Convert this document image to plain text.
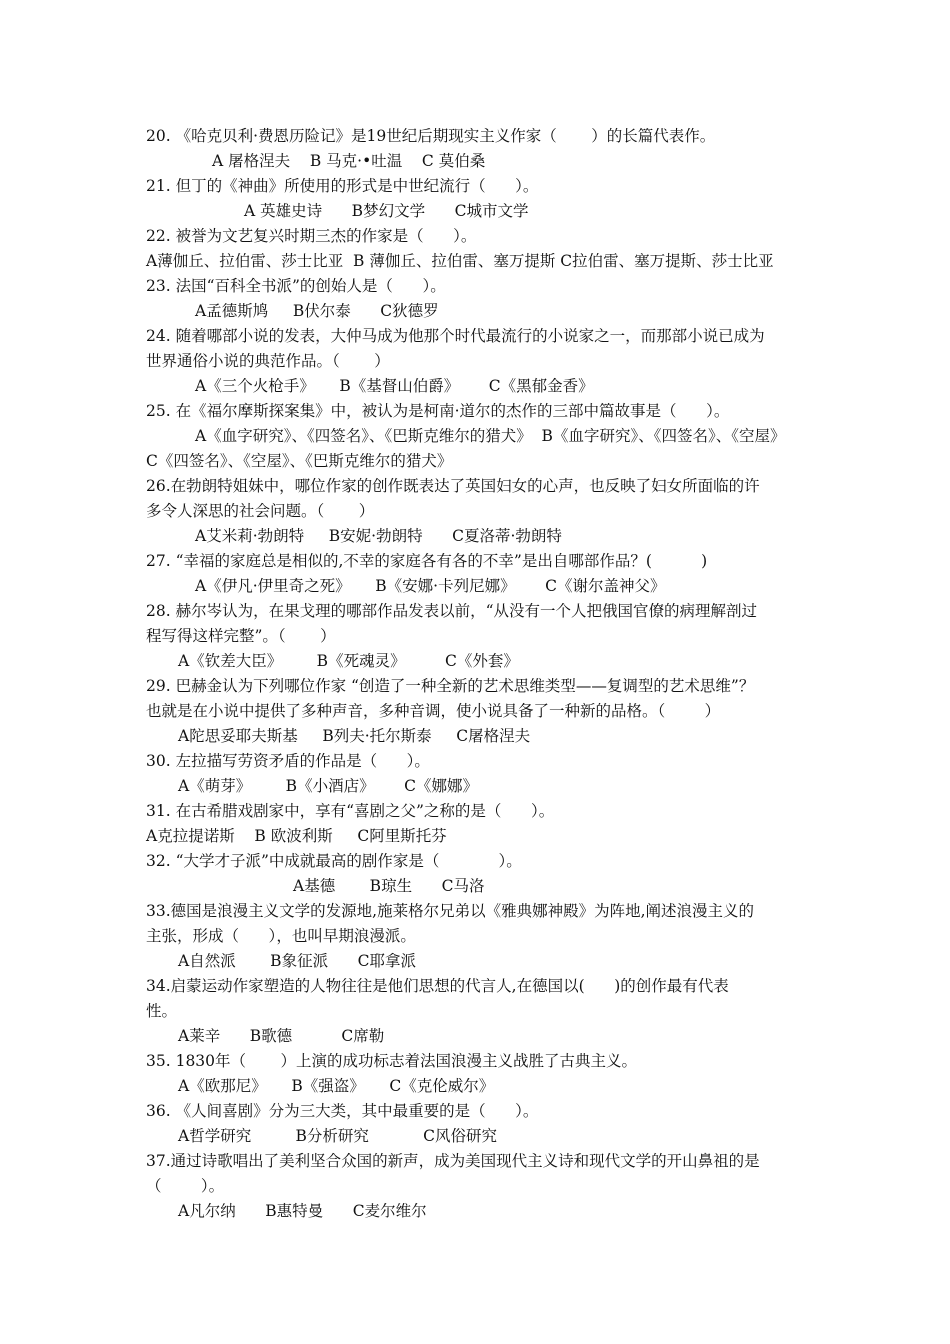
20. 《哈克贝利·费恩历险记》是19世纪后期现实主义作家（       ）的长篇代表作。
A 屠格涅夫    B 马克·•吐温    C 莫伯桑
21. 但丁的《神曲》所使用的形式是中世纪流行（      ）。
A 英雄史诗      B梦幻文学      C城市文学
22. 被誉为文艺复兴时期三杰的作家是（      ）。
A薄伽丘、拉伯雷、莎士比亚  B 薄伽丘、拉伯雷、塞万提斯 C拉伯雷、塞万提斯、莎士比亚
23. 法国“百科全书派”的创始人是（      ）。
A孟德斯鸠     B伏尔泰      C狄德罗
24. 随着哪部小说的发表，大仲马成为他那个时代最流行的小说家之一，而那部小说已成为
世界通俗小说的典范作品。（       ）
A《三个火枪手》     B《基督山伯爵》      C《黑郁金香》
25. 在《福尔摩斯探案集》中，被认为是柯南·道尔的杰作的三部中篇故事是（      ）。
A《血字研究》、《四签名》、《巴斯克维尔的猎犬》  B《血字研究》、《四签名》、《空屋》
C《四签名》、《空屋》、《巴斯克维尔的猎犬》
26.在勃朗特姐妹中，哪位作家的创作既表达了英国妇女的心声，也反映了妇女所面临的许
多令人深思的社会问题。（       ）
A艾米莉·勃朗特     B安妮·勃朗特      C夏洛蒂·勃朗特
27. “幸福的家庭总是相似的,不幸的家庭各有各的不幸”是出自哪部作品？(          )
A《伊凡·伊里奇之死》     B《安娜·卡列尼娜》      C《谢尔盖神父》
28. 赫尔岑认为，在果戈理的哪部作品发表以前，“从没有一个人把俄国官僚的病理解剖过
程写得这样完整”。（       ）
A《钦差大臣》       B《死魂灵》        C《外套》
29. 巴赫金认为下列哪位作家 “创造了一种全新的艺术思维类型——复调型的艺术思维”？
也就是在小说中提供了多种声音，多种音调，使小说具备了一种新的品格。（        ）
A陀思妥耶夫斯基     B列夫·托尔斯泰     C屠格涅夫
30. 左拉描写劳资矛盾的作品是（      ）。
A《萌芽》       B《小酒店》      C《娜娜》
31. 在古希腊戏剧家中，享有“喜剧之父”之称的是（      ）。
A克拉提诺斯    B 欧波利斯     C阿里斯托芬
32. “大学才子派”中成就最高的剧作家是（            ）。
A基德       B琼生      C马洛
33.德国是浪漫主义文学的发源地,施莱格尔兄弟以《雅典娜神殿》为阵地,阐述浪漫主义的
主张，形成（      ），也叫早期浪漫派。
A自然派       B象征派      C耶拿派
34.启蒙运动作家塑造的人物往往是他们思想的代言人,在德国以(      )的创作最有代表
性。
A莱辛      B歌德          C席勒
35. 1830年（       ）上演的成功标志着法国浪漫主义战胜了古典主义。
A《欧那尼》     B《强盗》     C《克伦威尔》
36. 《人间喜剧》分为三大类，其中最重要的是（      ）。
A哲学研究         B分析研究           C风俗研究
37.通过诗歌唱出了美利坚合众国的新声，成为美国现代主义诗和现代文学的开山鼻祖的是
（        ）。
A凡尔纳      B惠特曼      C麦尔维尔
